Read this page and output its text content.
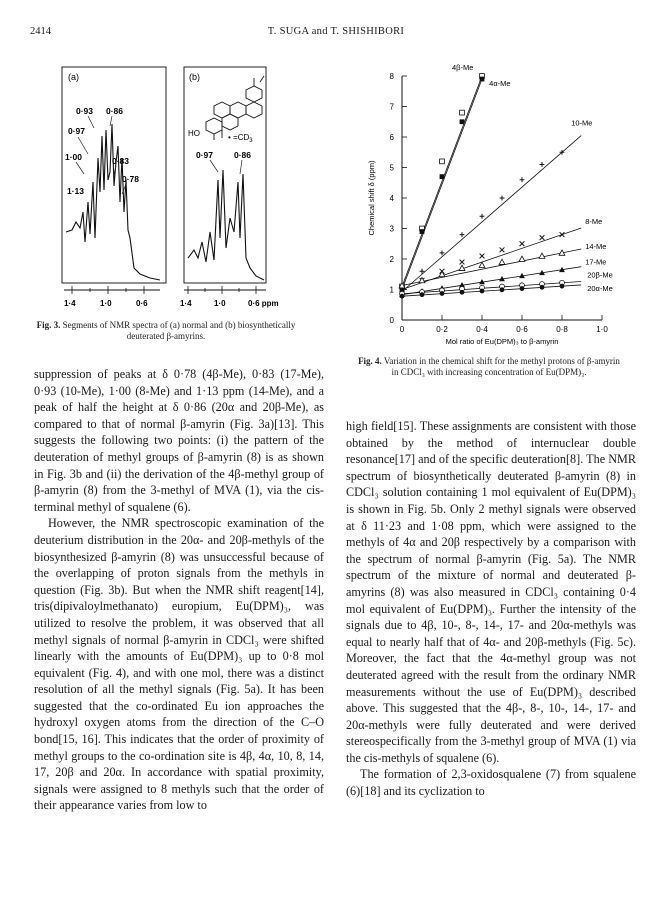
2414	T. SUGA and T. SHISHIBORI
(a)	(b)
0·93 0·86
0·97
1·00	0·83
0·78
1·13
HO	• $=CD_3$
0·97 0·86
1·4	1·0	0·6	1·4	1·0	0·6 ppm
Fig. 3. Segments of NMR spectra of (a) normal and (b) biosynthetically deuterated β-amyrins.
0
1
2
3
4
5
6
7
8
0	0·2	0·4	0·6	0·8	1·0
Mol ratio of Eu(DPM)₃ to β-amyrin
Chemical shift δ (ppm)
4β-Me
4α-Me
10-Me
8-Me
14-Me
17-Me
20β-Me
20α-Me
Fig. 4. Variation in the chemical shift for the methyl protons of β-amyrin in CDCl₃ with increasing concentration of Eu(DPM)₃.

suppression of peaks at δ 0·78 (4β-Me), 0·83 (17-Me), 0·93 (10-Me), 1·00 (8-Me) and 1·13 ppm (14-Me), and a peak of half the height at δ 0·86 (20α and 20β-Me), as compared to that of normal β-amyrin (Fig. 3a)[13]. This suggests the following two points: (i) the pattern of the deuteration of methyl groups of β-amyrin (8) is as shown in Fig. 3b and (ii) the derivation of the 4β-methyl group of β-amyrin (8) from the 3-methyl of MVA (1), via the cis-terminal methyl of squalene (6).

However, the NMR spectroscopic examination of the deuterium distribution in the 20α- and 20β-methyls of the biosynthesized β-amyrin (8) was unsuccessful because of the overlapping of proton signals from the methyls in question (Fig. 3b). But when the NMR shift reagent[14], tris(dipivaloylmethanato) europium, Eu(DPM)₃, was utilized to resolve the problem, it was observed that all methyl signals of normal β-amyrin in CDCl₃ were shifted linearly with the amounts of Eu(DPM)₃ up to 0·8 mol equivalent (Fig. 4), and with one mol, there was a distinct resolution of all the methyl signals (Fig. 5a). It has been suggested that the co-ordinated Eu ion approaches the hydroxyl oxygen atoms from the direction of the C–O bond[15, 16]. This indicates that the order of proximity of methyl groups to the co-ordination site is 4β, 4α, 10, 8, 14, 17, 20β and 20α. In accordance with spatial proximity, signals were assigned to 8 methyls such that the order of their appearance varies from low to

high field[15]. These assignments are consistent with those obtained by the method of internuclear double resonance[17] and of the specific deuteration[8]. The NMR spectrum of biosynthetically deuterated β-amyrin (8) in CDCl₃ solution containing 1 mol equivalent of Eu(DPM)₃ is shown in Fig. 5b. Only 2 methyl signals were observed at δ 11·23 and 1·08 ppm, which were assigned to the methyls of 4α and 20β respectively by a comparison with the spectrum of normal β-amyrin (Fig. 5a). The NMR spectrum of the mixture of normal and deuterated β-amyrins (8) was also measured in CDCl₃ containing 0·4 mol equivalent of Eu(DPM)₃. Further the intensity of the signals due to 4β, 10-, 8-, 14-, 17- and 20α-methyls was equal to nearly half that of 4α- and 20β-methyls (Fig. 5c). Moreover, the fact that the 4α-methyl group was not deuterated agreed with the result from the ordinary NMR measurements without the use of Eu(DPM)₃ described above. This suggested that the 4β-, 8-, 10-, 14-, 17- and 20α-methyls were fully deuterated and were derived stereospecifically from the 3-methyl group of MVA (1) via the cis-methyls of squalene (6).

The formation of 2,3-oxidosqualene (7) from squalene (6)[18] and its cyclization to
